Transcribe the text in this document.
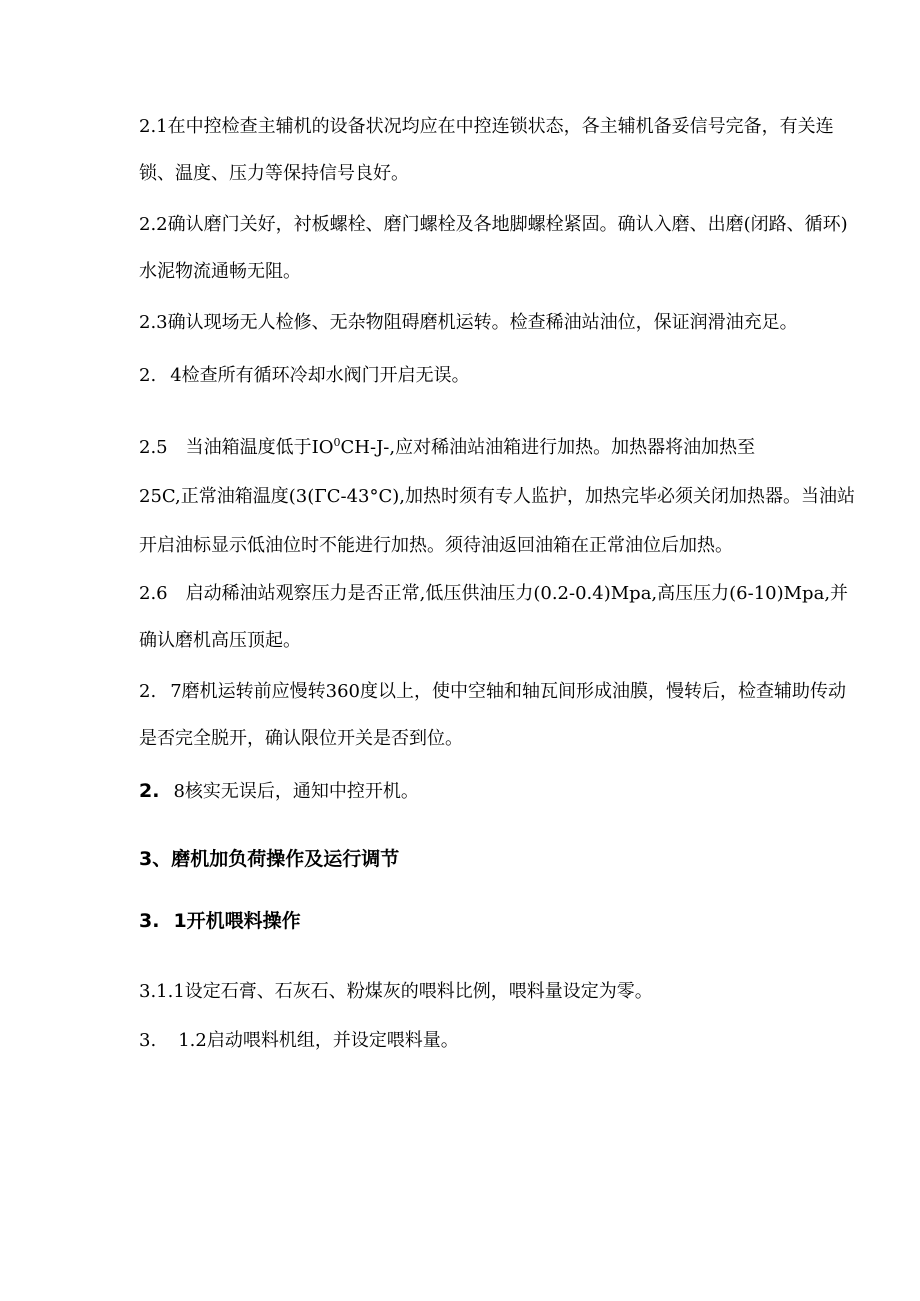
2.1在中控检查主辅机的设备状况均应在中控连锁状态，各主辅机备妥信号完备，有关连
锁、温度、压力等保持信号良好。
2.2确认磨门关好，衬板螺栓、磨门螺栓及各地脚螺栓紧固。确认入磨、出磨(闭路、循环)
水泥物流通畅无阻。
2.3确认现场无人检修、无杂物阻碍磨机运转。检查稀油站油位，保证润滑油充足。
2. 4检查所有循环冷却水阀门开启无误。
2.5 当油箱温度低于$IO^0CH-J-$,应对稀油站油箱进行加热。加热器将油加热至
25C,正常油箱温度(3(ΓC-43°C),加热时须有专人监护，加热完毕必须关闭加热器。当油站
开启油标显示低油位时不能进行加热。须待油返回油箱在正常油位后加热。
2.6 启动稀油站观察压力是否正常,低压供油压力(0.2-0.4)Mpa,高压压力(6-10)Mpa,并
确认磨机高压顶起。
2. 7磨机运转前应慢转360度以上，使中空轴和轴瓦间形成油膜，慢转后，检查辅助传动
是否完全脱开，确认限位开关是否到位。
2. 8核实无误后，通知中控开机。
3、磨机加负荷操作及运行调节
3. 1开机喂料操作
3.1.1设定石膏、石灰石、粉煤灰的喂料比例，喂料量设定为零。
3. 1.2启动喂料机组，并设定喂料量。
